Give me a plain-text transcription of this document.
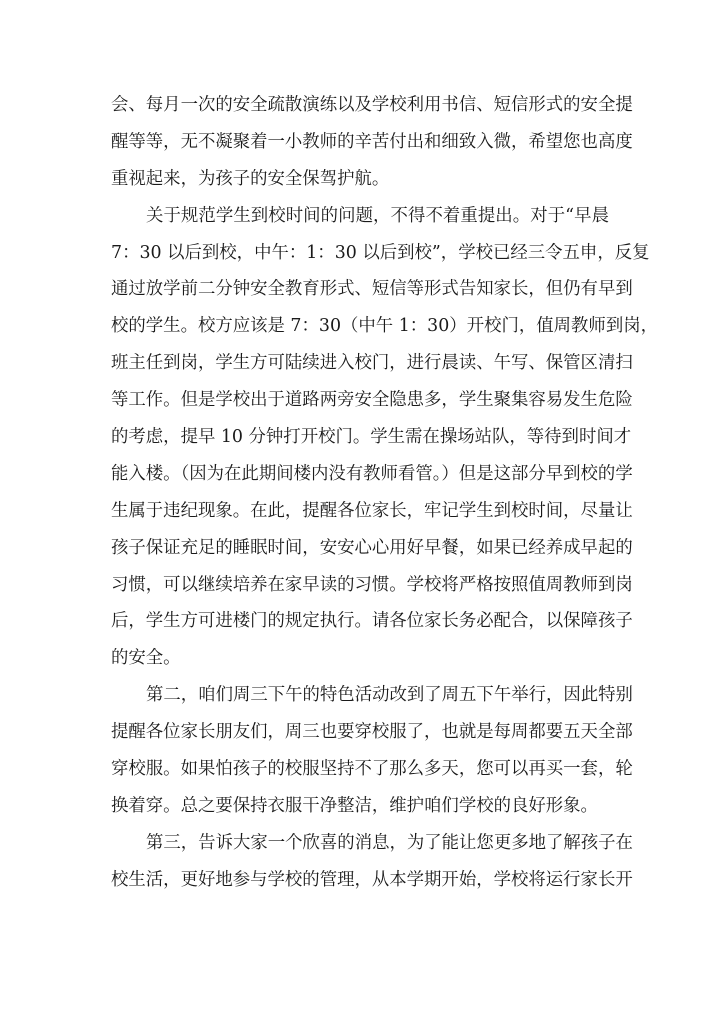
会、每月一次的安全疏散演练以及学校利用书信、短信形式的安全提
醒等等，无不凝聚着一小教师的辛苦付出和细致入微，希望您也高度
重视起来，为孩子的安全保驾护航。
关于规范学生到校时间的问题，不得不着重提出。对于“早晨
7：30 以后到校，中午：1：30 以后到校”，学校已经三令五申，反复
通过放学前二分钟安全教育形式、短信等形式告知家长，但仍有早到
校的学生。校方应该是 7：30（中午 1：30）开校门，值周教师到岗，
班主任到岗，学生方可陆续进入校门，进行晨读、午写、保管区清扫
等工作。但是学校出于道路两旁安全隐患多，学生聚集容易发生危险
的考虑，提早 10 分钟打开校门。学生需在操场站队，等待到时间才
能入楼。（因为在此期间楼内没有教师看管。）但是这部分早到校的学
生属于违纪现象。在此，提醒各位家长，牢记学生到校时间，尽量让
孩子保证充足的睡眠时间，安安心心用好早餐，如果已经养成早起的
习惯，可以继续培养在家早读的习惯。学校将严格按照值周教师到岗
后，学生方可进楼门的规定执行。请各位家长务必配合，以保障孩子
的安全。
第二，咱们周三下午的特色活动改到了周五下午举行，因此特别
提醒各位家长朋友们，周三也要穿校服了，也就是每周都要五天全部
穿校服。如果怕孩子的校服坚持不了那么多天，您可以再买一套，轮
换着穿。总之要保持衣服干净整洁，维护咱们学校的良好形象。
第三，告诉大家一个欣喜的消息，为了能让您更多地了解孩子在
校生活，更好地参与学校的管理，从本学期开始，学校将运行家长开
